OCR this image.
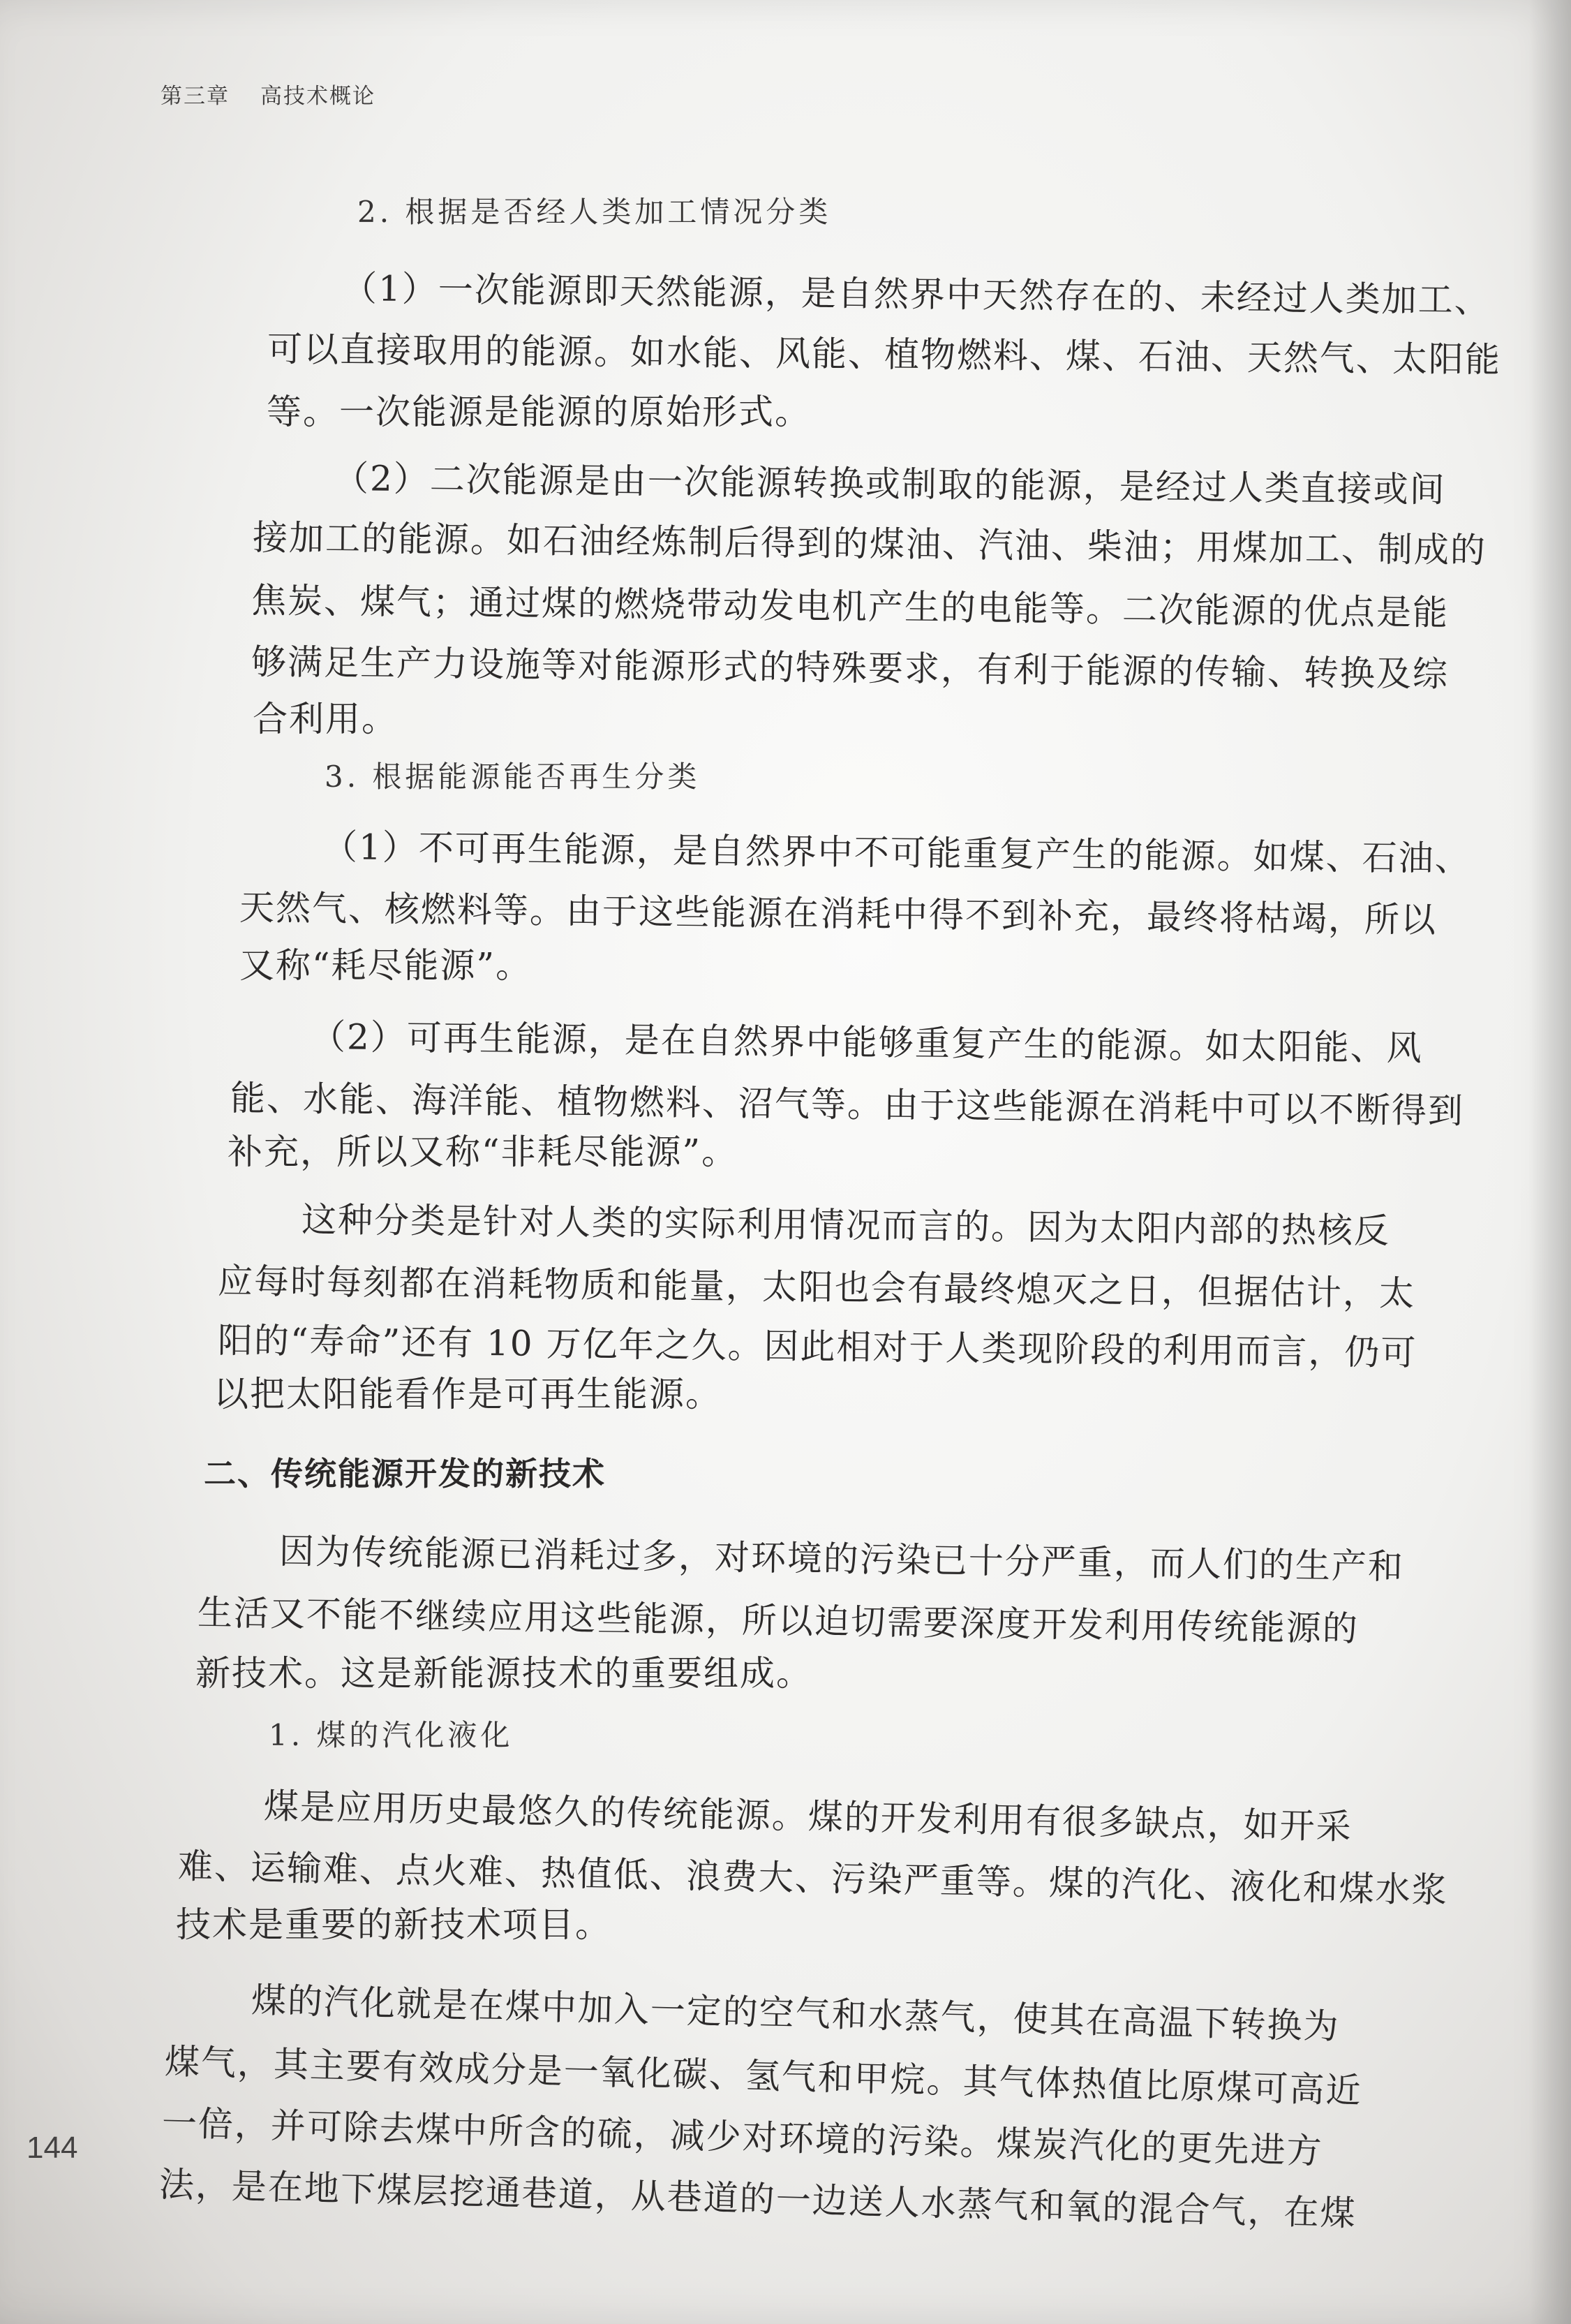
第三章 高技术概论
2. 根据是否经人类加工情况分类
（1）一次能源即天然能源，是自然界中天然存在的、未经过人类加工、
可以直接取用的能源。如水能、风能、植物燃料、煤、石油、天然气、太阳能
等。一次能源是能源的原始形式。
（2）二次能源是由一次能源转换或制取的能源，是经过人类直接或间
接加工的能源。如石油经炼制后得到的煤油、汽油、柴油；用煤加工、制成的
焦炭、煤气；通过煤的燃烧带动发电机产生的电能等。二次能源的优点是能
够满足生产力设施等对能源形式的特殊要求，有利于能源的传输、转换及综
合利用。
3. 根据能源能否再生分类
（1）不可再生能源，是自然界中不可能重复产生的能源。如煤、石油、
天然气、核燃料等。由于这些能源在消耗中得不到补充，最终将枯竭，所以
又称“耗尽能源”。
（2）可再生能源，是在自然界中能够重复产生的能源。如太阳能、风
能、水能、海洋能、植物燃料、沼气等。由于这些能源在消耗中可以不断得到
补充，所以又称“非耗尽能源”。
这种分类是针对人类的实际利用情况而言的。因为太阳内部的热核反
应每时每刻都在消耗物质和能量，太阳也会有最终熄灭之日，但据估计，太
阳的“寿命”还有 10 万亿年之久。因此相对于人类现阶段的利用而言，仍可
以把太阳能看作是可再生能源。
二、传统能源开发的新技术
因为传统能源已消耗过多，对环境的污染已十分严重，而人们的生产和
生活又不能不继续应用这些能源，所以迫切需要深度开发利用传统能源的
新技术。这是新能源技术的重要组成。
1. 煤的汽化液化
煤是应用历史最悠久的传统能源。煤的开发利用有很多缺点，如开采
难、运输难、点火难、热值低、浪费大、污染严重等。煤的汽化、液化和煤水浆
技术是重要的新技术项目。
煤的汽化就是在煤中加入一定的空气和水蒸气，使其在高温下转换为
煤气，其主要有效成分是一氧化碳、氢气和甲烷。其气体热值比原煤可高近
一倍，并可除去煤中所含的硫，减少对环境的污染。煤炭汽化的更先进方
法，是在地下煤层挖通巷道，从巷道的一边送人水蒸气和氧的混合气，在煤
144
